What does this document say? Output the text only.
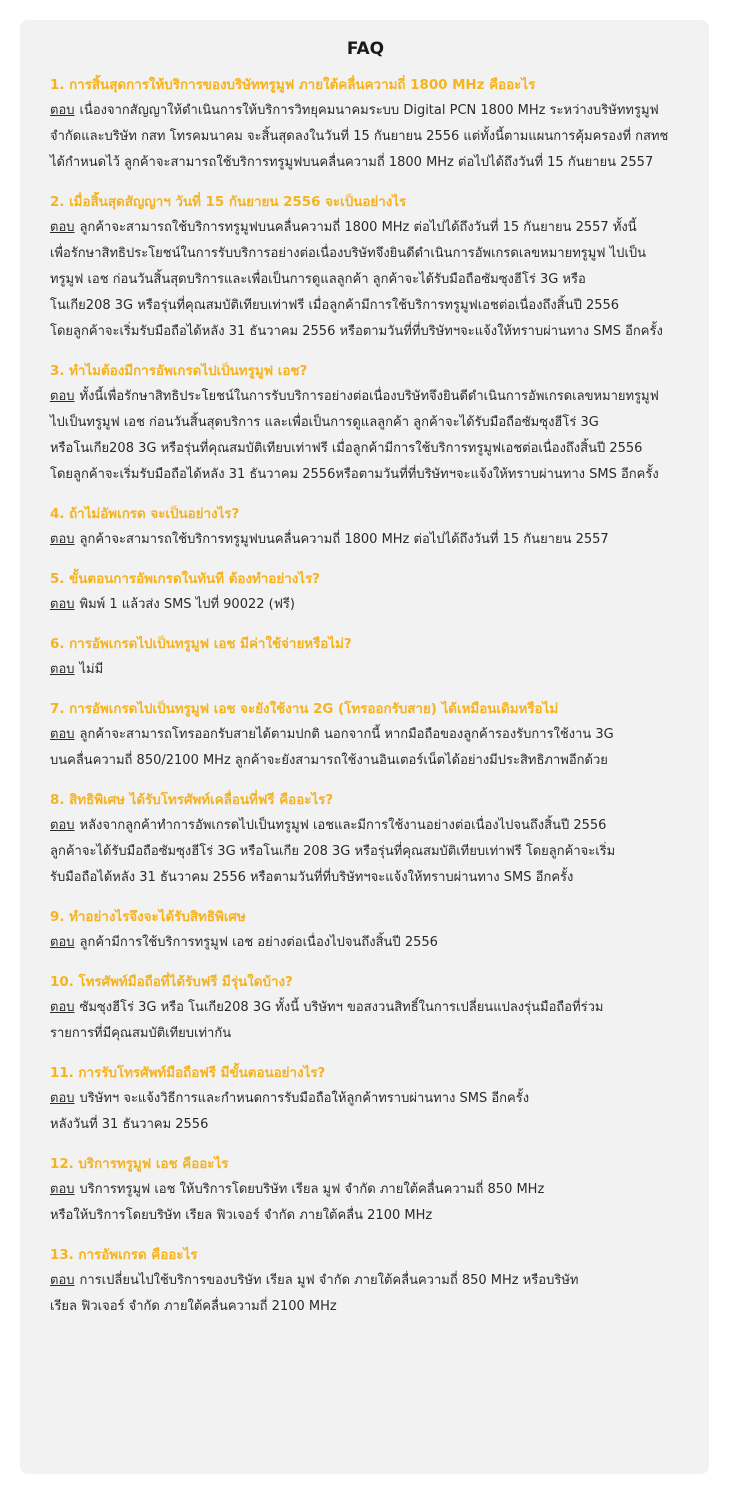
FAQ

1. การสิ้นสุดการให้บริการของบริษัททรูมูฟ ภายใต้คลื่นความถี่ 1800 MHz คืออะไร

ตอบ เนื่องจากสัญญาให้ดำเนินการให้บริการวิทยุคมนาคมระบบ Digital PCN 1800 MHz ระหว่างบริษัททรูมูฟ
จำกัดและบริษัท กสท โทรคมนาคม จะสิ้นสุดลงในวันที่ 15 กันยายน 2556 แต่ทั้งนี้ตามแผนการคุ้มครองที่ กสทช
ได้กำหนดไว้ ลูกค้าจะสามารถใช้บริการทรูมูฟบนคลื่นความถี่ 1800 MHz ต่อไปได้ถึงวันที่ 15 กันยายน 2557

2. เมื่อสิ้นสุดสัญญาฯ วันที่ 15 กันยายน 2556 จะเป็นอย่างไร

ตอบ ลูกค้าจะสามารถใช้บริการทรูมูฟบนคลื่นความถี่ 1800 MHz ต่อไปได้ถึงวันที่ 15 กันยายน 2557 ทั้งนี้
เพื่อรักษาสิทธิประโยชน์ในการรับบริการอย่างต่อเนื่องบริษัทจึงยินดีดำเนินการอัพเกรดเลขหมายทรูมูฟ ไปเป็น
ทรูมูฟ เอช ก่อนวันสิ้นสุดบริการและเพื่อเป็นการดูแลลูกค้า ลูกค้าจะได้รับมือถือซัมซุงฮีโร่ 3G หรือ
โนเกีย208 3G หรือรุ่นที่คุณสมบัติเทียบเท่าฟรี เมื่อลูกค้ามีการใช้บริการทรูมูฟเอชต่อเนื่องถึงสิ้นปี 2556
โดยลูกค้าจะเริ่มรับมือถือได้หลัง 31 ธันวาคม 2556 หรือตามวันที่ที่บริษัทฯจะแจ้งให้ทราบผ่านทาง SMS อีกครั้ง

3. ทำไมต้องมีการอัพเกรดไปเป็นทรูมูฟ เอช?

ตอบ ทั้งนี้เพื่อรักษาสิทธิประโยชน์ในการรับบริการอย่างต่อเนื่องบริษัทจึงยินดีดำเนินการอัพเกรดเลขหมายทรูมูฟ
ไปเป็นทรูมูฟ เอช ก่อนวันสิ้นสุดบริการ และเพื่อเป็นการดูแลลูกค้า ลูกค้าจะได้รับมือถือซัมซุงฮีโร่ 3G
หรือโนเกีย208 3G หรือรุ่นที่คุณสมบัติเทียบเท่าฟรี เมื่อลูกค้ามีการใช้บริการทรูมูฟเอชต่อเนื่องถึงสิ้นปี 2556
โดยลูกค้าจะเริ่มรับมือถือได้หลัง 31 ธันวาคม 2556หรือตามวันที่ที่บริษัทฯจะแจ้งให้ทราบผ่านทาง SMS อีกครั้ง

4. ถ้าไม่อัพเกรด จะเป็นอย่างไร?

ตอบ ลูกค้าจะสามารถใช้บริการทรูมูฟบนคลื่นความถี่ 1800 MHz ต่อไปได้ถึงวันที่ 15 กันยายน 2557

5. ขั้นตอนการอัพเกรดในทันที ต้องทำอย่างไร?

ตอบ พิมพ์ 1 แล้วส่ง SMS ไปที่ 90022 (ฟรี)

6. การอัพเกรดไปเป็นทรูมูฟ เอช มีค่าใช้จ่ายหรือไม่?

ตอบ ไม่มี

7. การอัพเกรดไปเป็นทรูมูฟ เอช จะยังใช้งาน 2G (โทรออกรับสาย) ได้เหมือนเดิมหรือไม่

ตอบ ลูกค้าจะสามารถโทรออกรับสายได้ตามปกติ นอกจากนี้ หากมือถือของลูกค้ารองรับการใช้งาน 3G
บนคลื่นความถี่ 850/2100 MHz ลูกค้าจะยังสามารถใช้งานอินเตอร์เน็ตได้อย่างมีประสิทธิภาพอีกด้วย

8. สิทธิพิเศษ ได้รับโทรศัพท์เคลื่อนที่ฟรี คืออะไร?

ตอบ หลังจากลูกค้าทำการอัพเกรดไปเป็นทรูมูฟ เอชและมีการใช้งานอย่างต่อเนื่องไปจนถึงสิ้นปี 2556
ลูกค้าจะได้รับมือถือซัมซุงฮีโร่ 3G หรือโนเกีย 208 3G หรือรุ่นที่คุณสมบัติเทียบเท่าฟรี โดยลูกค้าจะเริ่ม
รับมือถือได้หลัง 31 ธันวาคม 2556 หรือตามวันที่ที่บริษัทฯจะแจ้งให้ทราบผ่านทาง SMS อีกครั้ง

9. ทำอย่างไรจึงจะได้รับสิทธิพิเศษ

ตอบ ลูกค้ามีการใช้บริการทรูมูฟ เอช อย่างต่อเนื่องไปจนถึงสิ้นปี 2556

10. โทรศัพท์มือถือที่ได้รับฟรี มีรุ่นใดบ้าง?

ตอบ ซัมซุงฮีโร่ 3G หรือ โนเกีย208 3G ทั้งนี้ บริษัทฯ ขอสงวนสิทธิ์ในการเปลี่ยนแปลงรุ่นมือถือที่ร่วม
รายการที่มีคุณสมบัติเทียบเท่ากัน

11. การรับโทรศัพท์มือถือฟรี มีขั้นตอนอย่างไร?

ตอบ บริษัทฯ จะแจ้งวิธีการและกำหนดการรับมือถือให้ลูกค้าทราบผ่านทาง SMS อีกครั้ง
หลังวันที่ 31 ธันวาคม 2556

12. บริการทรูมูฟ เอช คืออะไร

ตอบ บริการทรูมูฟ เอช ให้บริการโดยบริษัท เรียล มูฟ จำกัด ภายใต้คลื่นความถี่ 850 MHz
หรือให้บริการโดยบริษัท เรียล ฟิวเจอร์ จำกัด ภายใต้คลื่น 2100 MHz

13. การอัพเกรด คืออะไร

ตอบ การเปลี่ยนไปใช้บริการของบริษัท เรียล มูฟ จำกัด ภายใต้คลื่นความถี่ 850 MHz หรือบริษัท
เรียล ฟิวเจอร์ จำกัด ภายใต้คลื่นความถี่ 2100 MHz
